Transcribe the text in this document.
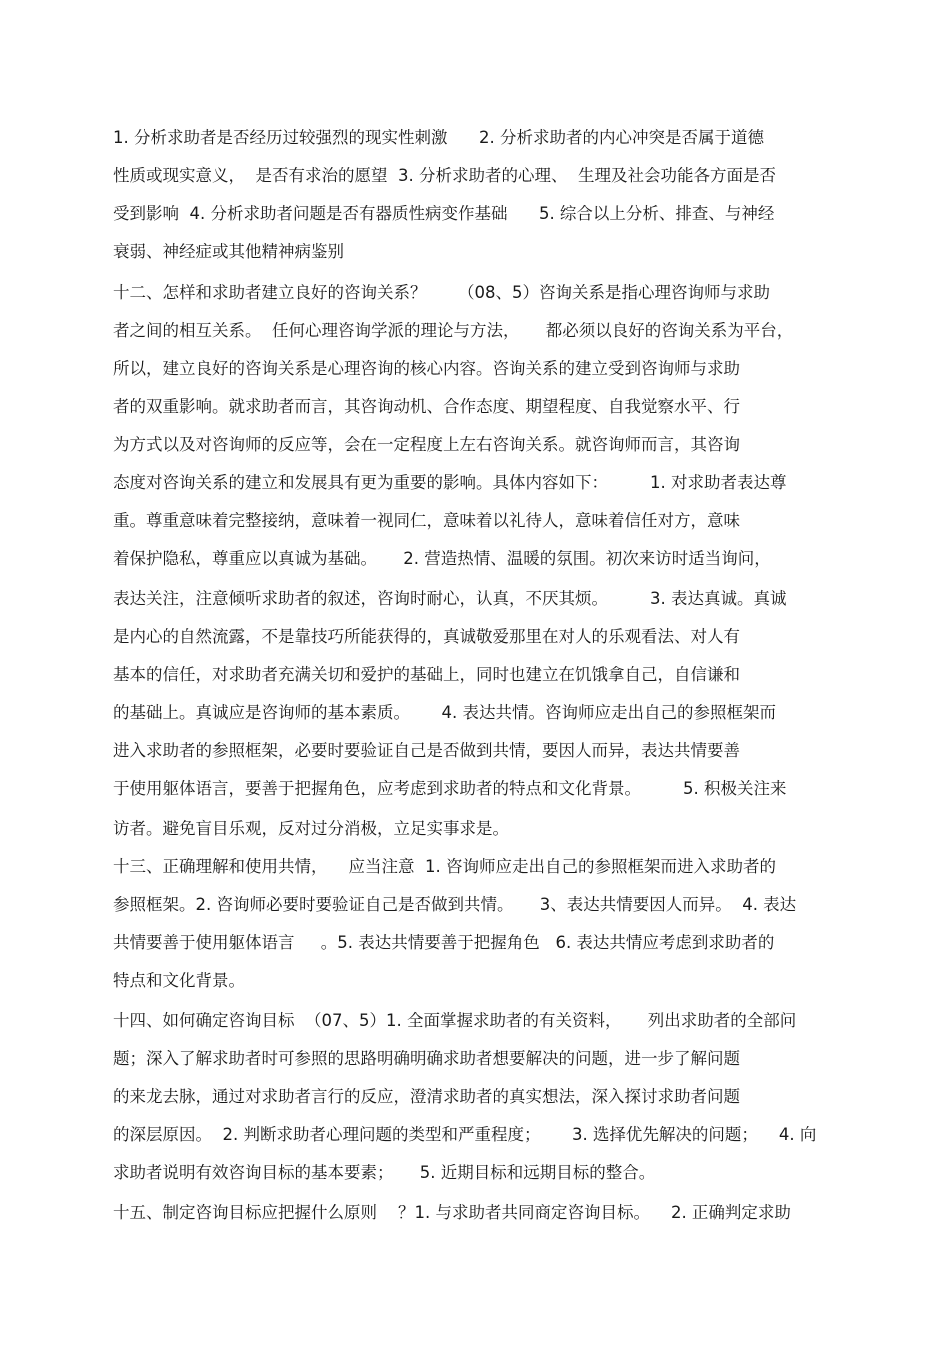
1. 分析求助者是否经历过较强烈的现实性刺激      2. 分析求助者的内心冲突是否属于道德
性质或现实意义，  是否有求治的愿望  3. 分析求助者的心理、  生理及社会功能各方面是否
受到影响  4. 分析求助者问题是否有器质性病变作基础      5. 综合以上分析、排查、与神经
衰弱、神经症或其他精神病鉴别
十二、怎样和求助者建立良好的咨询关系？      （08、5）咨询关系是指心理咨询师与求助
者之间的相互关系。  任何心理咨询学派的理论与方法，     都必须以良好的咨询关系为平台，
所以，建立良好的咨询关系是心理咨询的核心内容。咨询关系的建立受到咨询师与求助
者的双重影响。就求助者而言，其咨询动机、合作态度、期望程度、自我觉察水平、行
为方式以及对咨询师的反应等，会在一定程度上左右咨询关系。就咨询师而言，其咨询
态度对咨询关系的建立和发展具有更为重要的影响。具体内容如下：        1. 对求助者表达尊
重。尊重意味着完整接纳，意味着一视同仁，意味着以礼待人，意味着信任对方，意味
着保护隐私，尊重应以真诚为基础。     2. 营造热情、温暖的氛围。初次来访时适当询问，
表达关注，注意倾听求助者的叙述，咨询时耐心，认真，不厌其烦。        3. 表达真诚。真诚
是内心的自然流露，不是靠技巧所能获得的，真诚敬爱那里在对人的乐观看法、对人有
基本的信任，对求助者充满关切和爱护的基础上，同时也建立在饥饿拿自己，自信谦和
的基础上。真诚应是咨询师的基本素质。      4. 表达共情。咨询师应走出自己的参照框架而
进入求助者的参照框架，必要时要验证自己是否做到共情，要因人而异，表达共情要善
于使用躯体语言，要善于把握角色，应考虑到求助者的特点和文化背景。        5. 积极关注来
访者。避免盲目乐观，反对过分消极，立足实事求是。
十三、正确理解和使用共情，    应当注意  1. 咨询师应走出自己的参照框架而进入求助者的
参照框架。2. 咨询师必要时要验证自己是否做到共情。     3、表达共情要因人而异。  4. 表达
共情要善于使用躯体语言     。5. 表达共情要善于把握角色   6. 表达共情应考虑到求助者的
特点和文化背景。
十四、如何确定咨询目标  （07、5）1. 全面掌握求助者的有关资料，     列出求助者的全部问
题；深入了解求助者时可参照的思路明确明确求助者想要解决的问题，进一步了解问题
的来龙去脉，通过对求助者言行的反应，澄清求助者的真实想法，深入探讨求助者问题
的深层原因。  2. 判断求助者心理问题的类型和严重程度；      3. 选择优先解决的问题；    4. 向
求助者说明有效咨询目标的基本要素；     5. 近期目标和远期目标的整合。
十五、制定咨询目标应把握什么原则    ？1. 与求助者共同商定咨询目标。    2. 正确判定求助
